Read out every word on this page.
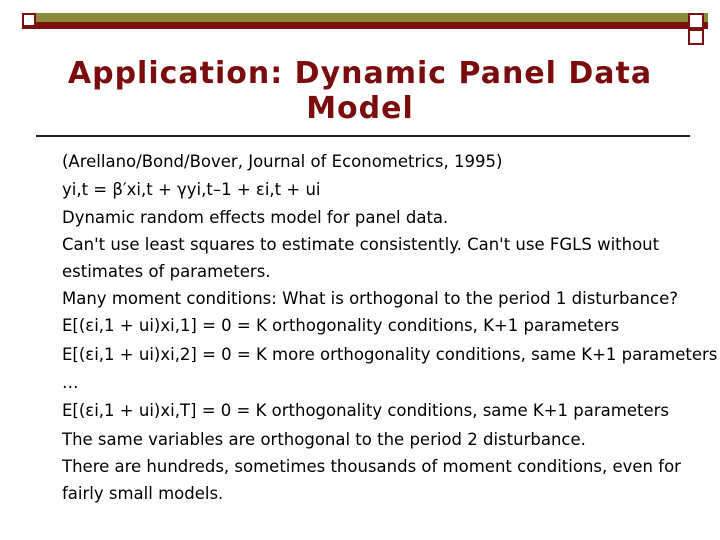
Application: Dynamic Panel Data Model
(Arellano/Bond/Bover, Journal of Econometrics, 1995)
yi,t = β′xi,t + γyi,t–1 + εi,t + ui
Dynamic random effects model for panel data.
Can't use least squares to estimate consistently. Can't use FGLS without
estimates of parameters.
Many moment conditions: What is orthogonal to the period 1 disturbance?
E[(εi,1 + ui)xi,1] = 0 = K orthogonality conditions, K+1 parameters
E[(εi,1 + ui)xi,2] = 0 = K more orthogonality conditions, same K+1 parameters
…
E[(εi,1 + ui)xi,T] = 0 = K orthogonality conditions, same K+1 parameters
The same variables are orthogonal to the period 2 disturbance.
There are hundreds, sometimes thousands of moment conditions, even for
fairly small models.
